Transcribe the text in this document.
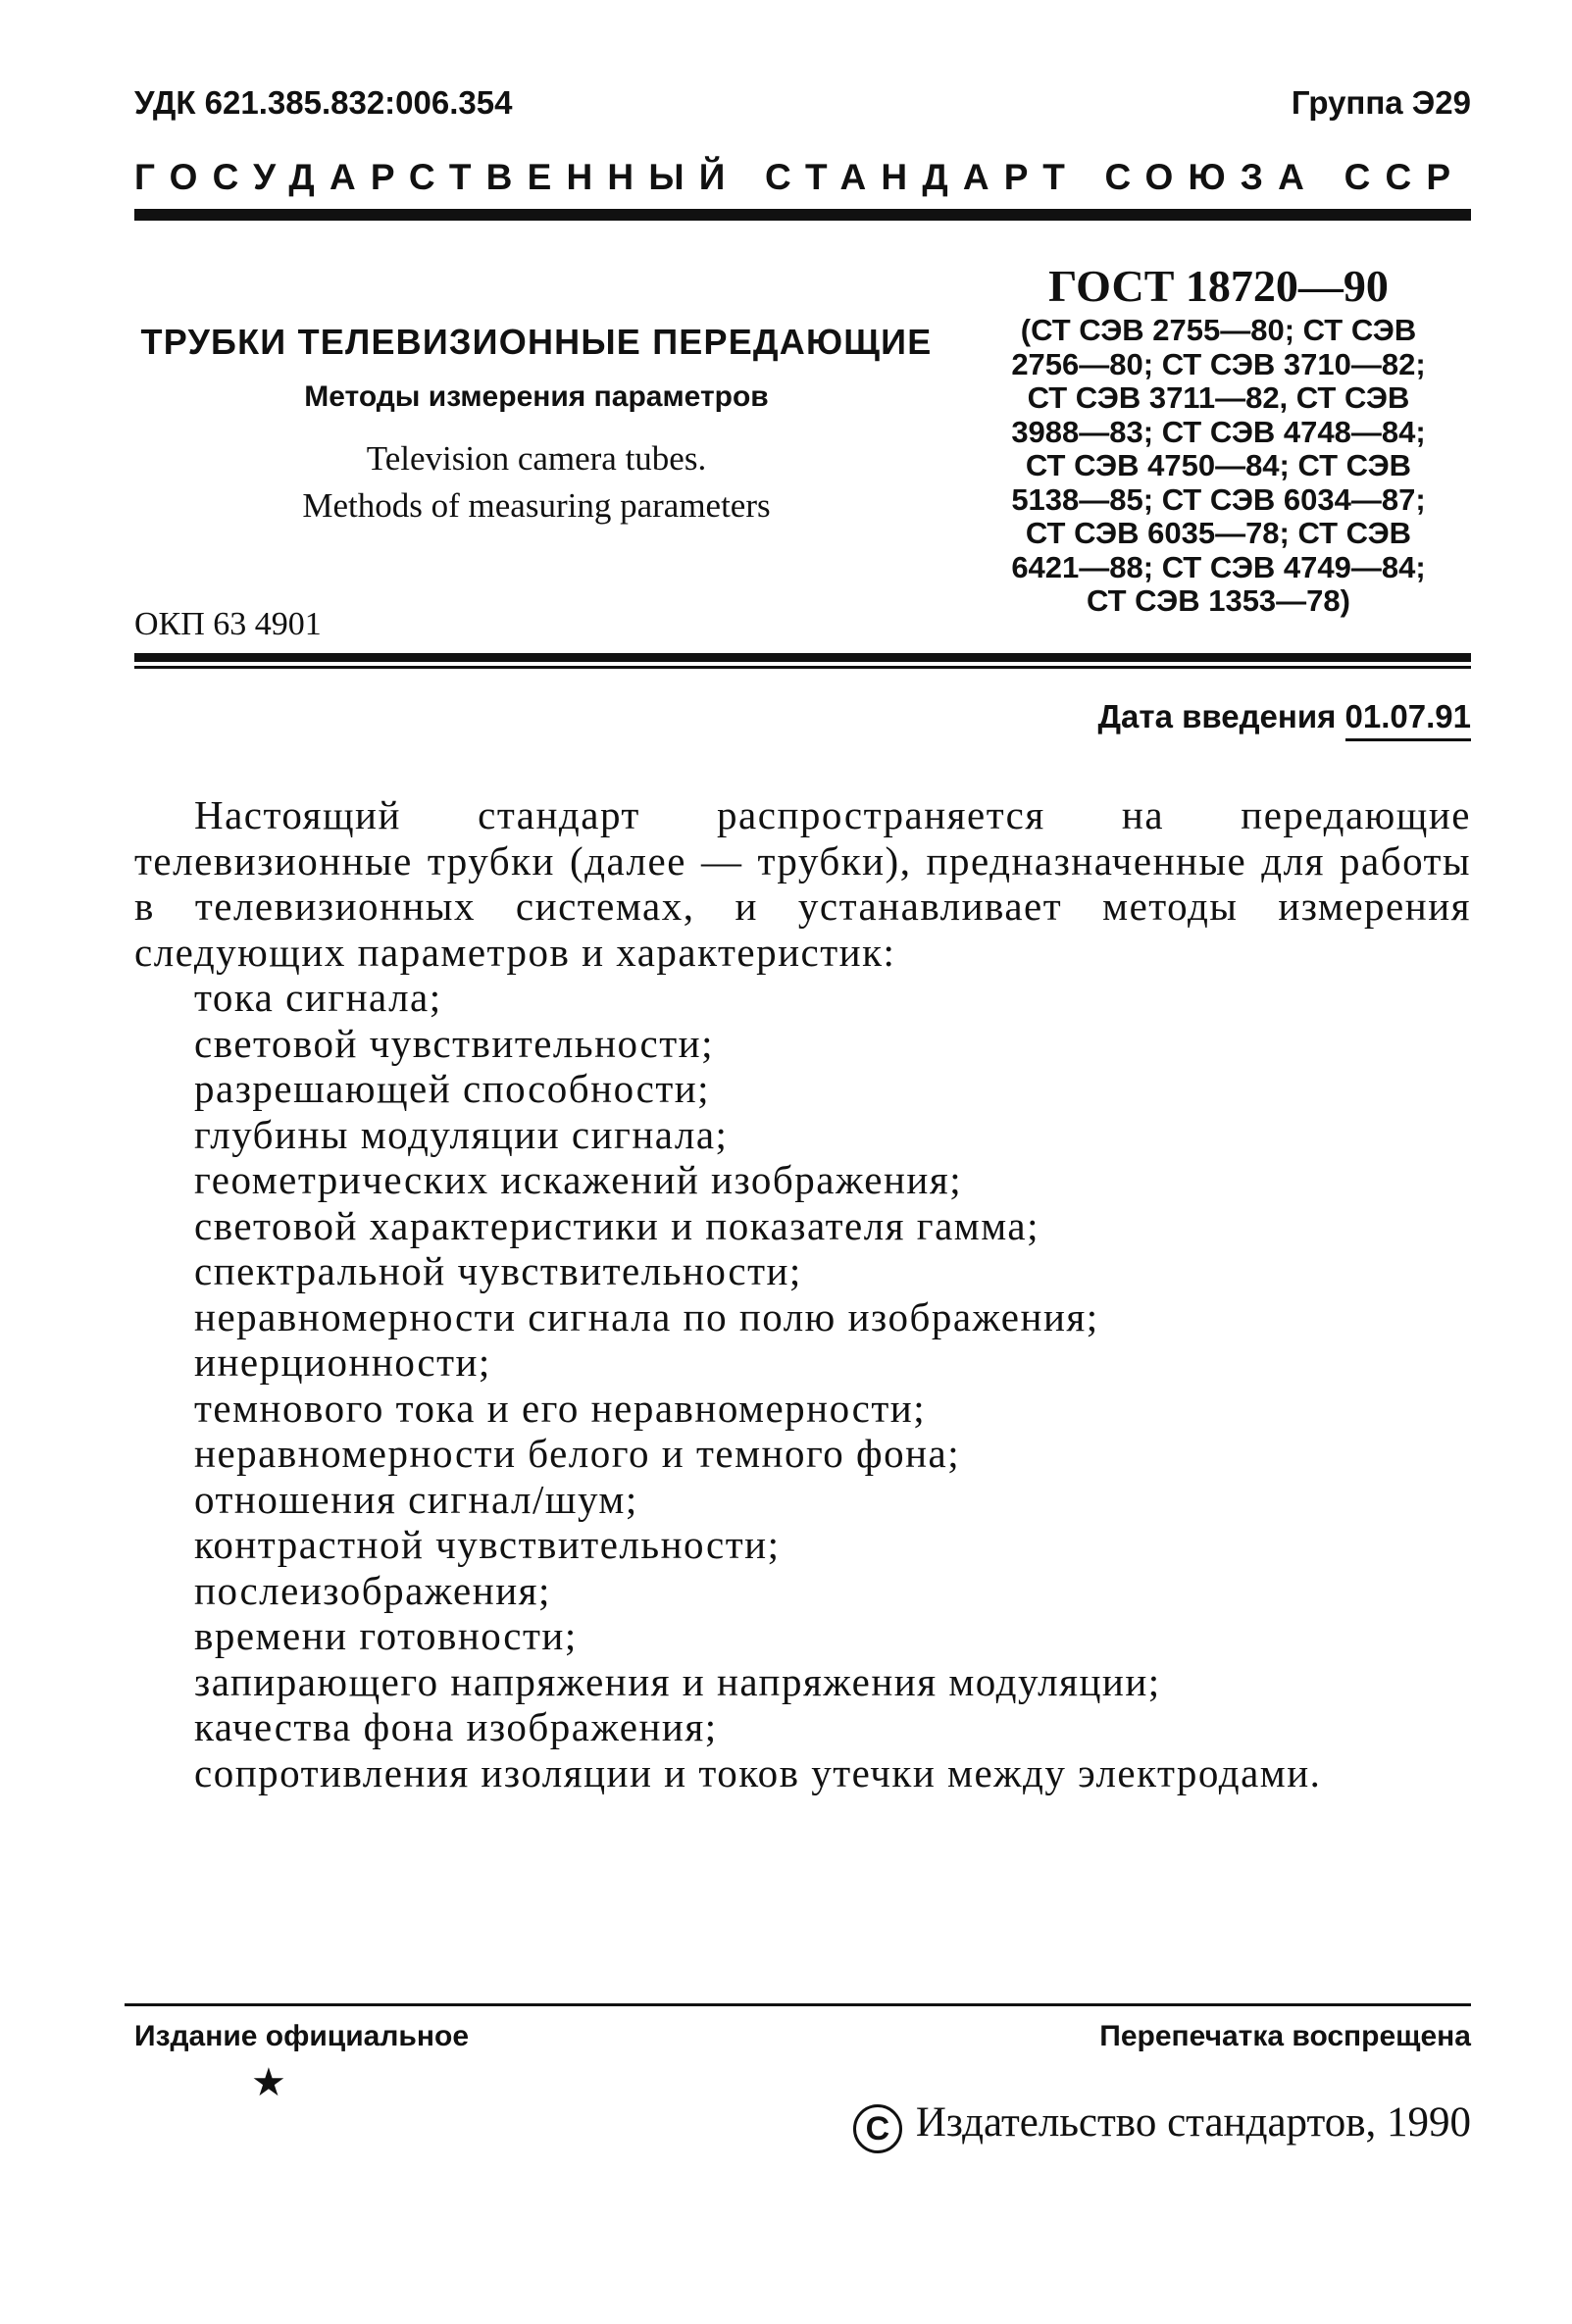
УДК 621.385.832:006.354	Группа Э29
ГОСУДАРСТВЕННЫЙ СТАНДАРТ СОЮЗА ССР
ТРУБКИ ТЕЛЕВИЗИОННЫЕ ПЕРЕДАЮЩИЕ
Методы измерения параметров
Television camera tubes.
Methods of measuring parameters
ОКП 63 4901
ГОСТ 18720—90
(СТ СЭВ 2755—80; СТ СЭВ
2756—80; СТ СЭВ 3710—82;
СТ СЭВ 3711—82, СТ СЭВ
3988—83; СТ СЭВ 4748—84;
СТ СЭВ 4750—84; СТ СЭВ
5138—85; СТ СЭВ 6034—87;
СТ СЭВ 6035—78; СТ СЭВ
6421—88; СТ СЭВ 4749—84;
СТ СЭВ 1353—78)
Дата введения 01.07.91
Настоящий стандарт распространяется на передающие телевизионные трубки (далее — трубки), предназначенные для работы в телевизионных системах, и устанавливает методы измерения следующих параметров и характеристик:
тока сигнала;
световой чувствительности;
разрешающей способности;
глубины модуляции сигнала;
геометрических искажений изображения;
световой характеристики и показателя гамма;
спектральной чувствительности;
неравномерности сигнала по полю изображения;
инерционности;
темнового тока и его неравномерности;
неравномерности белого и темного фона;
отношения сигнал/шум;
контрастной чувствительности;
послеизображения;
времени готовности;
запирающего напряжения и напряжения модуляции;
качества фона изображения;
сопротивления изоляции и токов утечки между электродами.
Издание официальное	Перепечатка воспрещена
★
С Издательство стандартов, 1990
